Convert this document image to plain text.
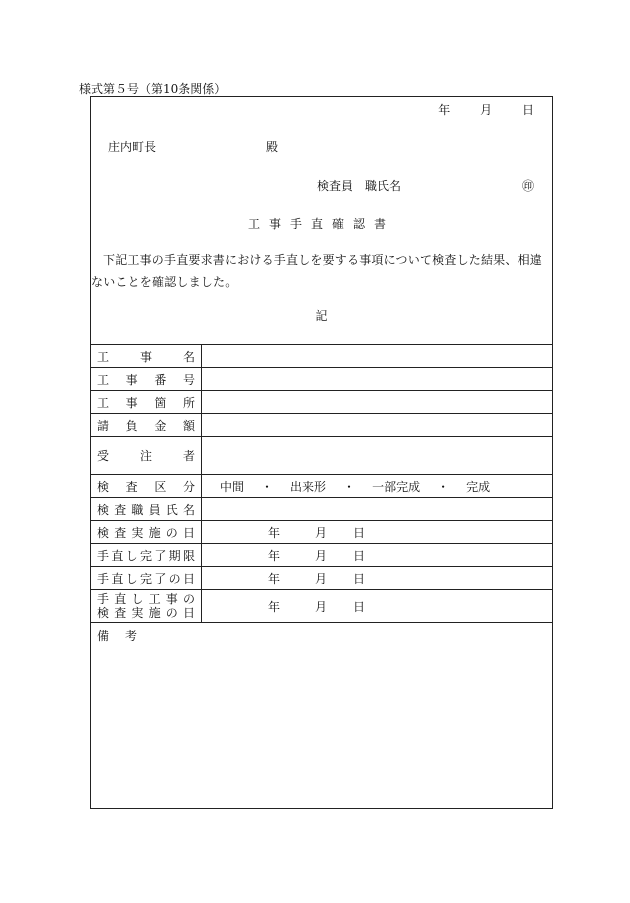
様式第５号（第10条関係）
年 月 日
庄内町長	殿
検査員　職氏名	㊞
工事手直確認書
下記工事の手直要求書における手直しを要する事項について検査した結果、相違ないことを確認しました。
記
工	事	名
工 事 番 号
工 事 箇 所
請 負 金 額
受	注	者
検 査 区 分 中間 ・ 出来形 ・ 一部完成 ・ 完成
検 査 職 員 氏 名
検 査 実 施 の 日	年	月	日
手 直 し 完 了 期 限	年	月	日
手 直 し 完 了 の 日	年	月	日
手 直 し 工 事 の
検 査 実 施 の 日	年	月	日
備考
